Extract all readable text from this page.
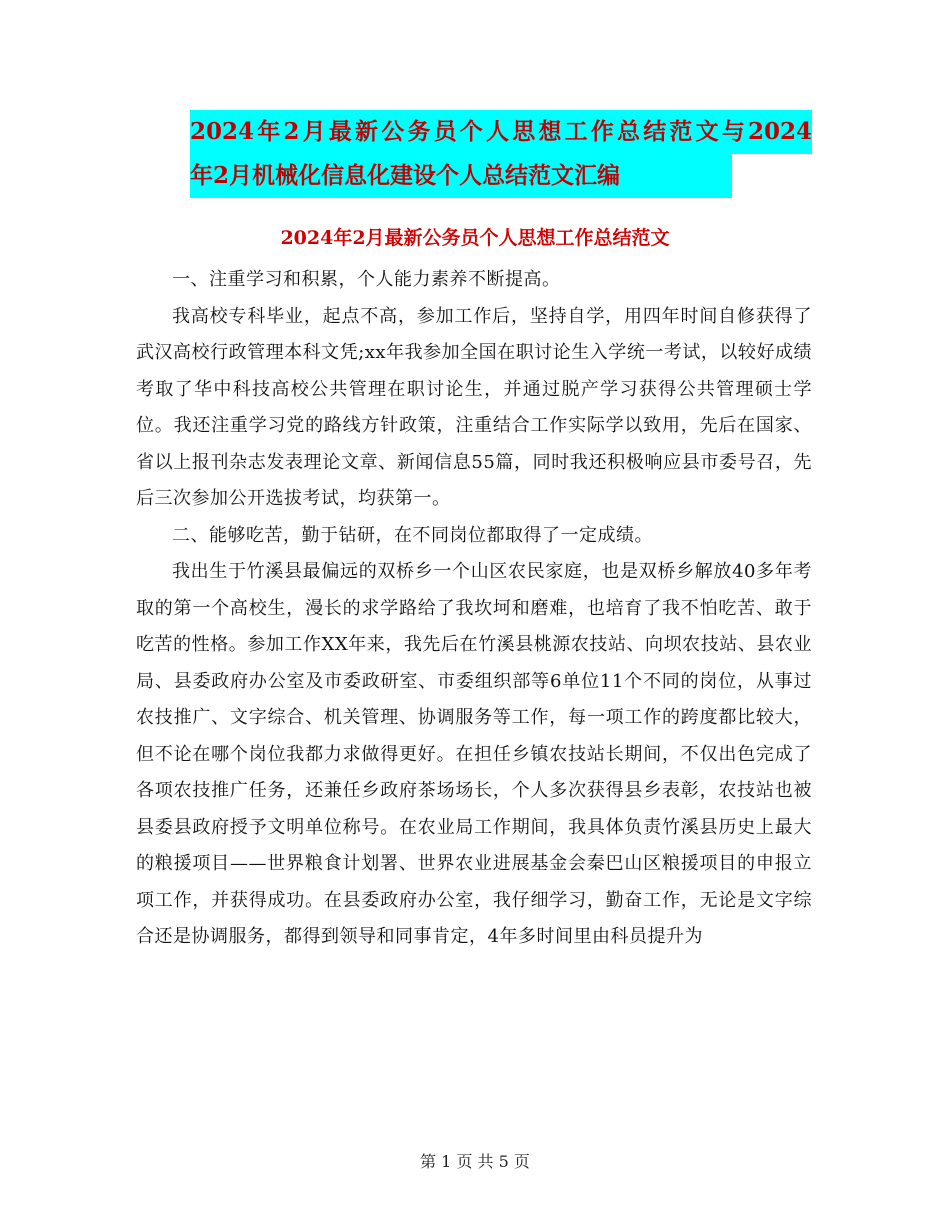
2024年2月最新公务员个人思想工作总结范文与2024
年2月机械化信息化建设个人总结范文汇编
2024年2月最新公务员个人思想工作总结范文

一、注重学习和积累，个人能力素养不断提高。

我高校专科毕业，起点不高，参加工作后，坚持自学，用四年时间自修获得了武汉高校行政管理本科文凭;xx年我参加全国在职讨论生入学统一考试，以较好成绩考取了华中科技高校公共管理在职讨论生，并通过脱产学习获得公共管理硕士学位。我还注重学习党的路线方针政策，注重结合工作实际学以致用，先后在国家、省以上报刊杂志发表理论文章、新闻信息55篇，同时我还积极响应县市委号召，先后三次参加公开选拔考试，均获第一。

二、能够吃苦，勤于钻研，在不同岗位都取得了一定成绩。

我出生于竹溪县最偏远的双桥乡一个山区农民家庭，也是双桥乡解放40多年考取的第一个高校生，漫长的求学路给了我坎坷和磨难，也培育了我不怕吃苦、敢于吃苦的性格。参加工作XX年来，我先后在竹溪县桃源农技站、向坝农技站、县农业局、县委政府办公室及市委政研室、市委组织部等6单位11个不同的岗位，从事过农技推广、文字综合、机关管理、协调服务等工作，每一项工作的跨度都比较大，但不论在哪个岗位我都力求做得更好。在担任乡镇农技站长期间，不仅出色完成了各项农技推广任务，还兼任乡政府茶场场长，个人多次获得县乡表彰，农技站也被县委县政府授予文明单位称号。在农业局工作期间，我具体负责竹溪县历史上最大的粮援项目——世界粮食计划署、世界农业进展基金会秦巴山区粮援项目的申报立项工作，并获得成功。在县委政府办公室，我仔细学习，勤奋工作，无论是文字综合还是协调服务，都得到领导和同事肯定，4年多时间里由科员提升为

第 1 页 共 5 页
